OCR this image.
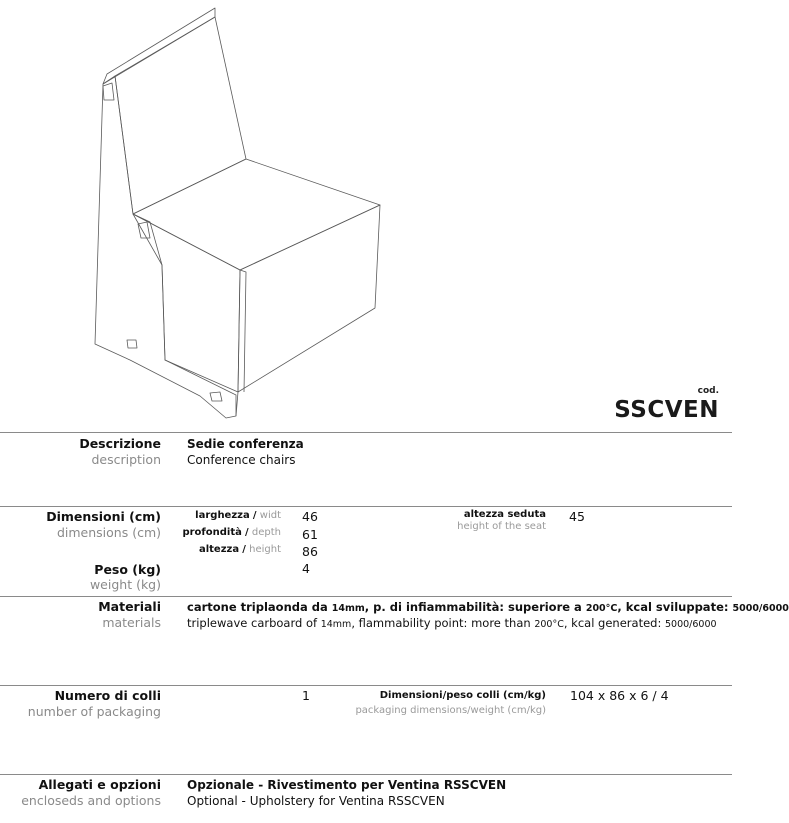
cod.
SSCVEN
Descrizione
description
Sedie conferenza
Conference chairs
Dimensioni (cm)
dimensions (cm)
larghezza / widt 46
profondità / depth 61
altezza / height 86
altezza seduta
height of the seat
45
Peso (kg)
weight (kg)
4
Materiali
materials
cartone triplaonda da 14mm, p. di infiammabilità: superiore a 200°C, kcal sviluppate: 5000/6000
triplewave carboard of 14mm, flammability point: more than 200°C, kcal generated: 5000/6000
Numero di colli
number of packaging
1	Dimensioni/peso colli (cm/kg)
packaging dimensions/weight (cm/kg)
104 x 86 x 6 / 4
Allegati e opzioni
encloseds and options
Opzionale - Rivestimento per Ventina RSSCVEN
Optional - Upholstery for Ventina RSSCVEN
